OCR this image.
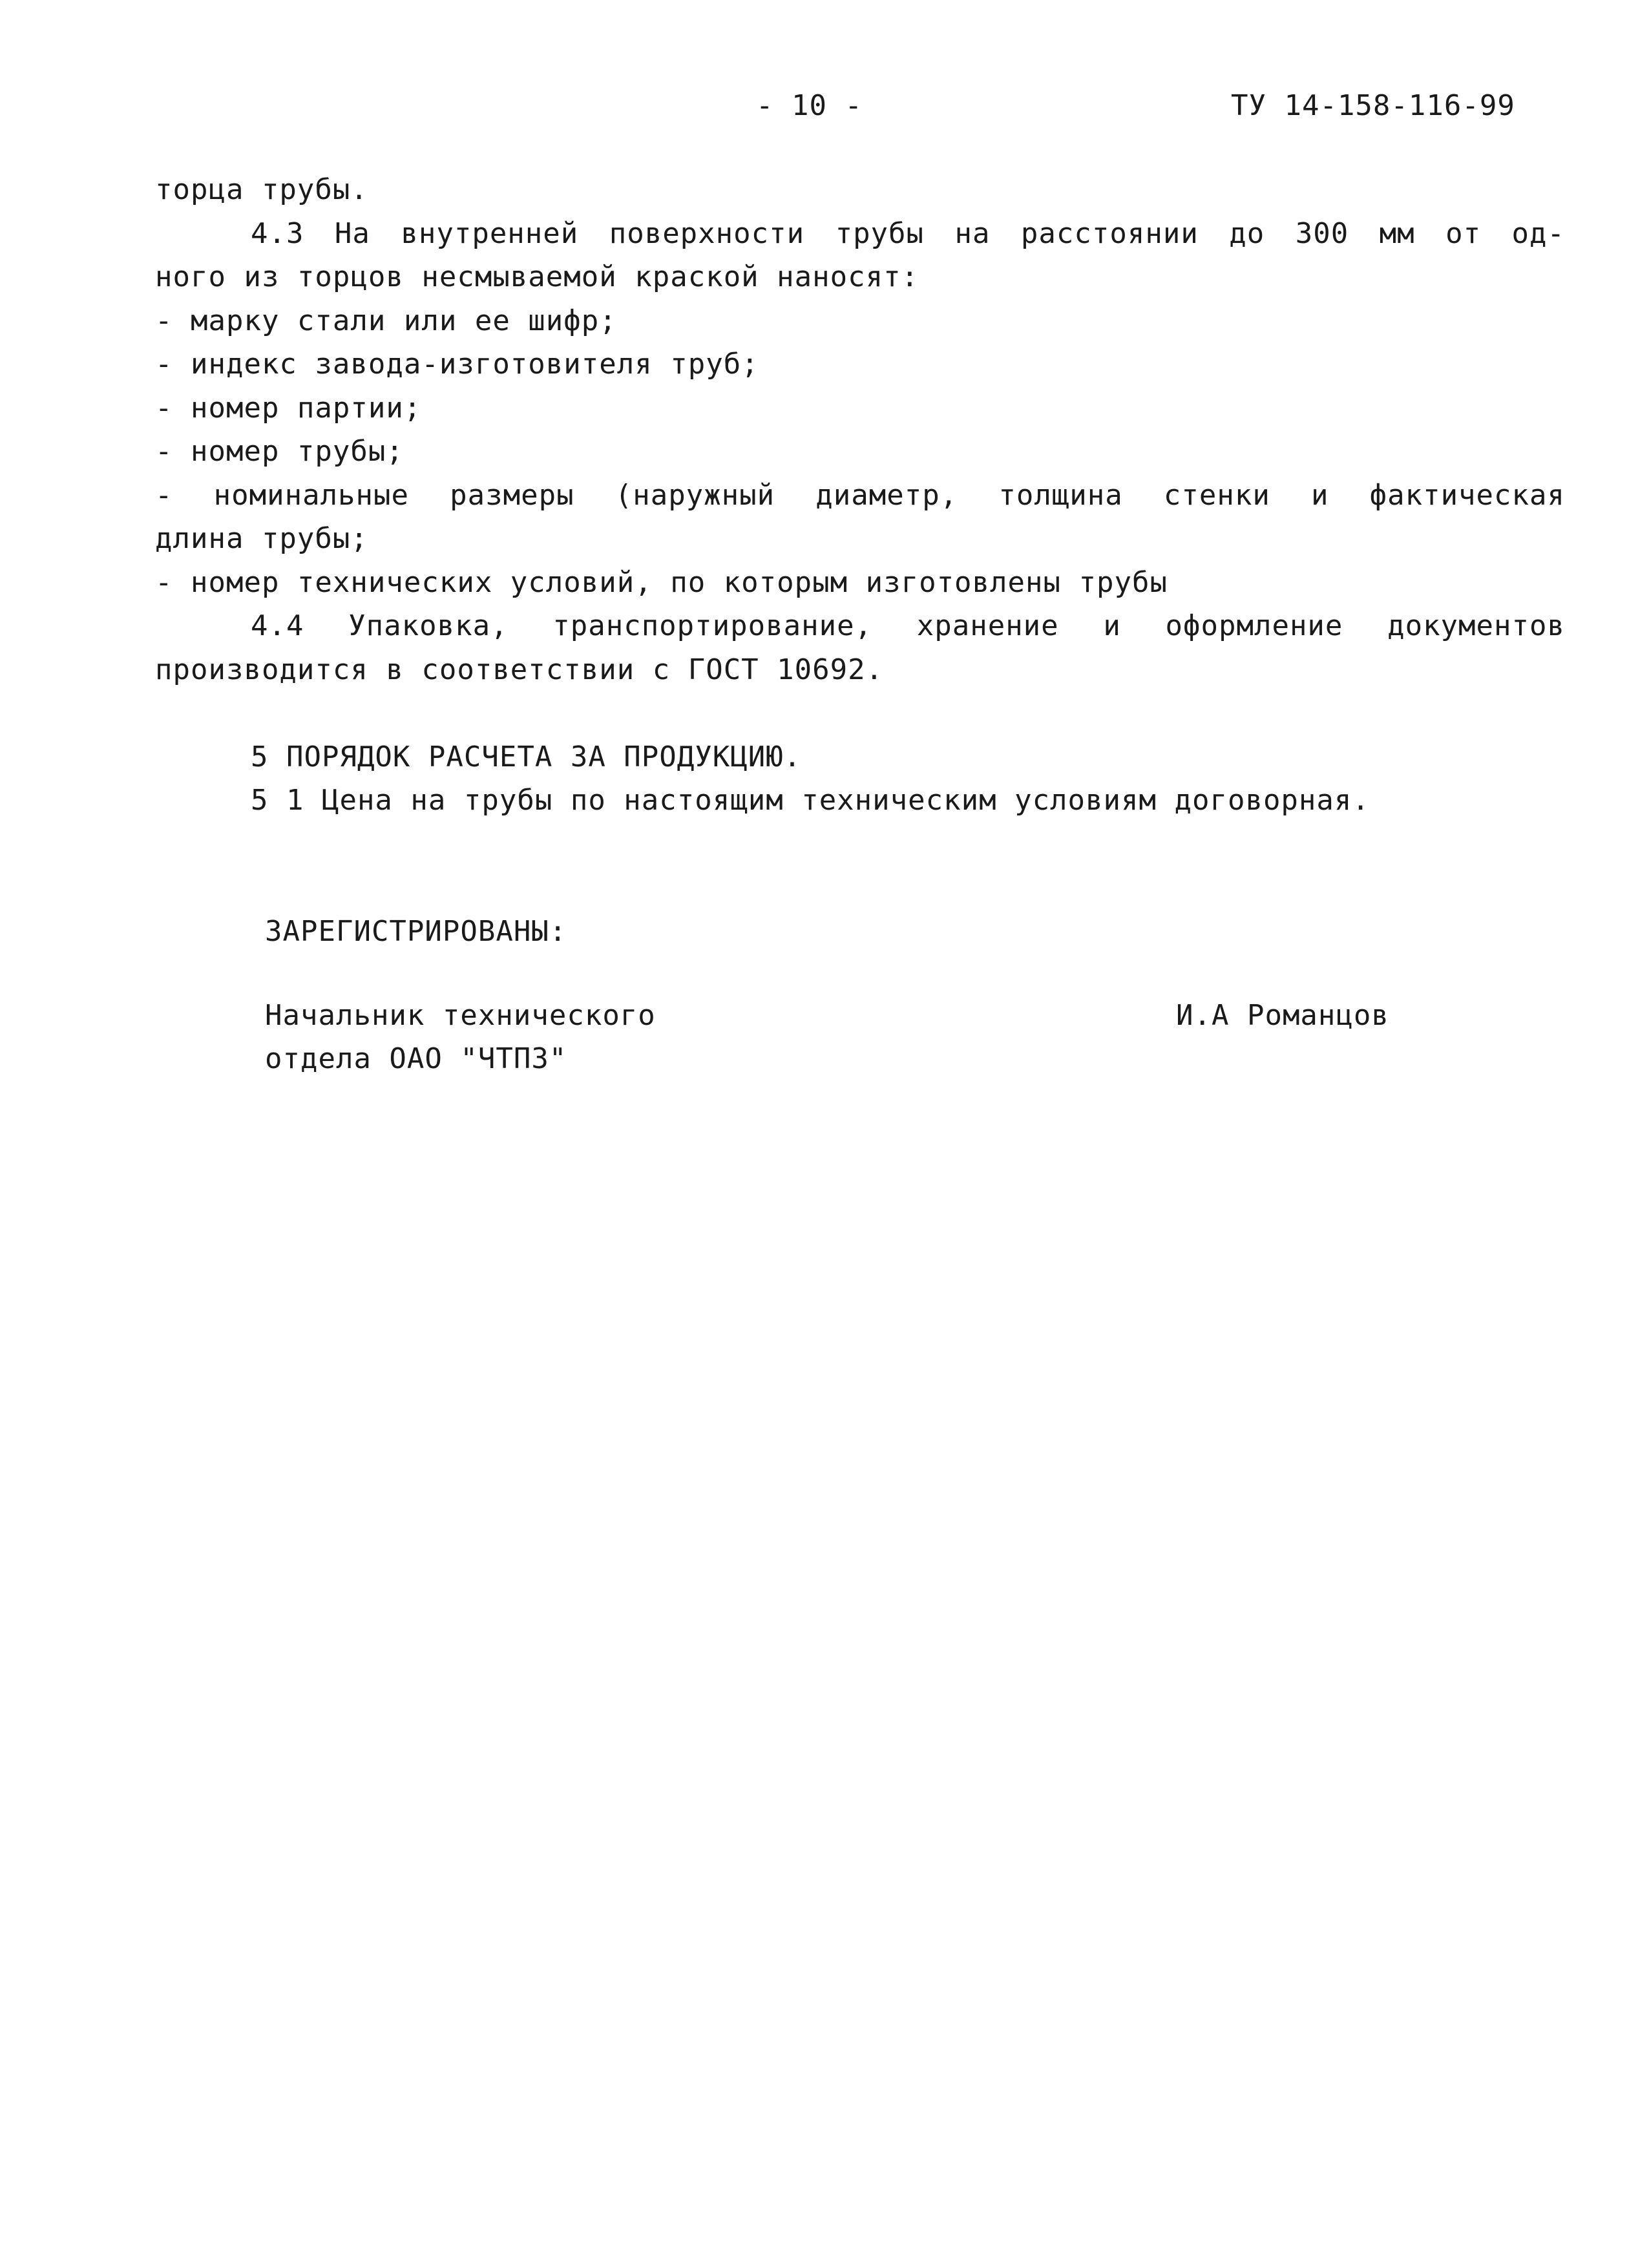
- 10 -	ТУ 14-158-116-99
торца трубы.
4.3 На внутренней поверхности трубы на расстоянии до 300 мм от од-
ного из торцов несмываемой краской наносят:
- марку стали или ее шифр;
- индекс завода-изготовителя труб;
- номер партии;
- номер трубы;
- номинальные размеры (наружный диаметр, толщина стенки и фактическая
длина трубы;
- номер технических условий, по которым изготовлены трубы
4.4 Упаковка, транспортирование, хранение и оформление документов
производится в соответствии с ГОСТ 10692.
5 ПОРЯДОК РАСЧЕТА ЗА ПРОДУКЦИЮ.
5 1 Цена на трубы по настоящим техническим условиям договорная.
ЗАРЕГИСТРИРОВАНЫ:
Начальник технического
отдела ОАО "ЧТПЗ"
И.А Романцов
